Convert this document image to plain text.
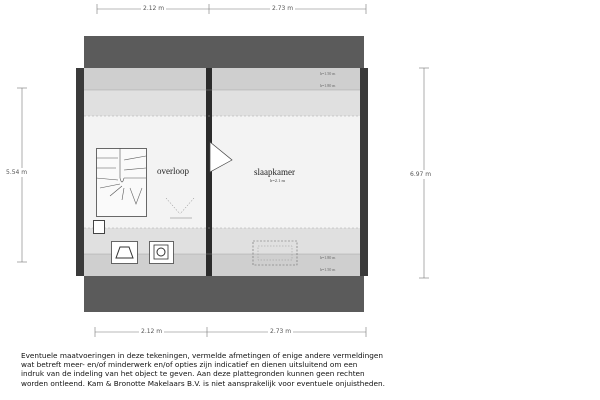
2.12 m	2.73 m
overloop	slaapkamer
h=2.1 m
h=1.50 m
h=1.80 m
h=1.80 m
h=1.50 m
5.54 m	6.97 m
2.12 m	2.73 m
Eventuele maatvoeringen in deze tekeningen, vermelde afmetingen of enige andere vermeldingen
wat betreft meer- en/of minderwerk en/of opties zijn indicatief en dienen uitsluitend om een
indruk van de indeling van het object te geven. Aan deze plattegronden kunnen geen rechten
worden ontleend. Kam & Bronotte Makelaars B.V. is niet aansprakelijk voor eventuele onjuistheden.
